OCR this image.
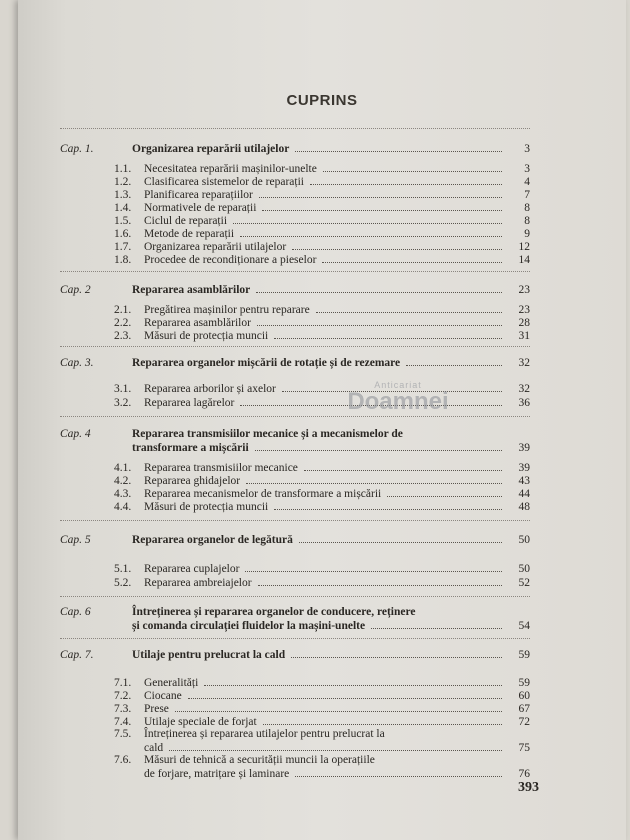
CUPRINS
Cap. 1.	Organizarea reparării utilajelor	3
1.1.	Necesitatea reparării mașinilor-unelte	3
1.2.	Clasificarea sistemelor de reparații	4
1.3.	Planificarea reparațiilor	7
1.4.	Normativele de reparații	8
1.5.	Ciclul de reparații	8
1.6.	Metode de reparații	9
1.7.	Organizarea reparării utilajelor	12
1.8.	Procedee de recondiționare a pieselor	14
Cap. 2	Repararea asamblărilor	23
2.1.	Pregătirea mașinilor pentru reparare	23
2.2.	Repararea asamblărilor	28
2.3.	Măsuri de protecția muncii	31
Cap. 3.	Repararea organelor mișcării de rotație și de rezemare	32
3.1.	Repararea arborilor și axelor	32
3.2.	Repararea lagărelor	36
Cap. 4	Repararea transmisiilor mecanice și a mecanismelor de
transformare a mișcării	39
4.1.	Repararea transmisiilor mecanice	39
4.2.	Repararea ghidajelor	43
4.3.	Repararea mecanismelor de transformare a mișcării	44
4.4.	Măsuri de protecția muncii	48
Cap. 5	Repararea organelor de legătură	50
5.1.	Repararea cuplajelor	50
5.2.	Repararea ambreiajelor	52
Cap. 6	Întreținerea și repararea organelor de conducere, reținere
și comanda circulației fluidelor la mașini-unelte	54
Cap. 7.	Utilaje pentru prelucrat la cald	59
7.1.	Generalități	59
7.2.	Ciocane	60
7.3.	Prese	67
7.4.	Utilaje speciale de forjat	72
7.5.	Întreținerea și repararea utilajelor pentru prelucrat la
cald	75
7.6.	Măsuri de tehnică a securității muncii la operațiile
de forjare, matrițare și laminare	76
Anticariat
Doamnei
393
